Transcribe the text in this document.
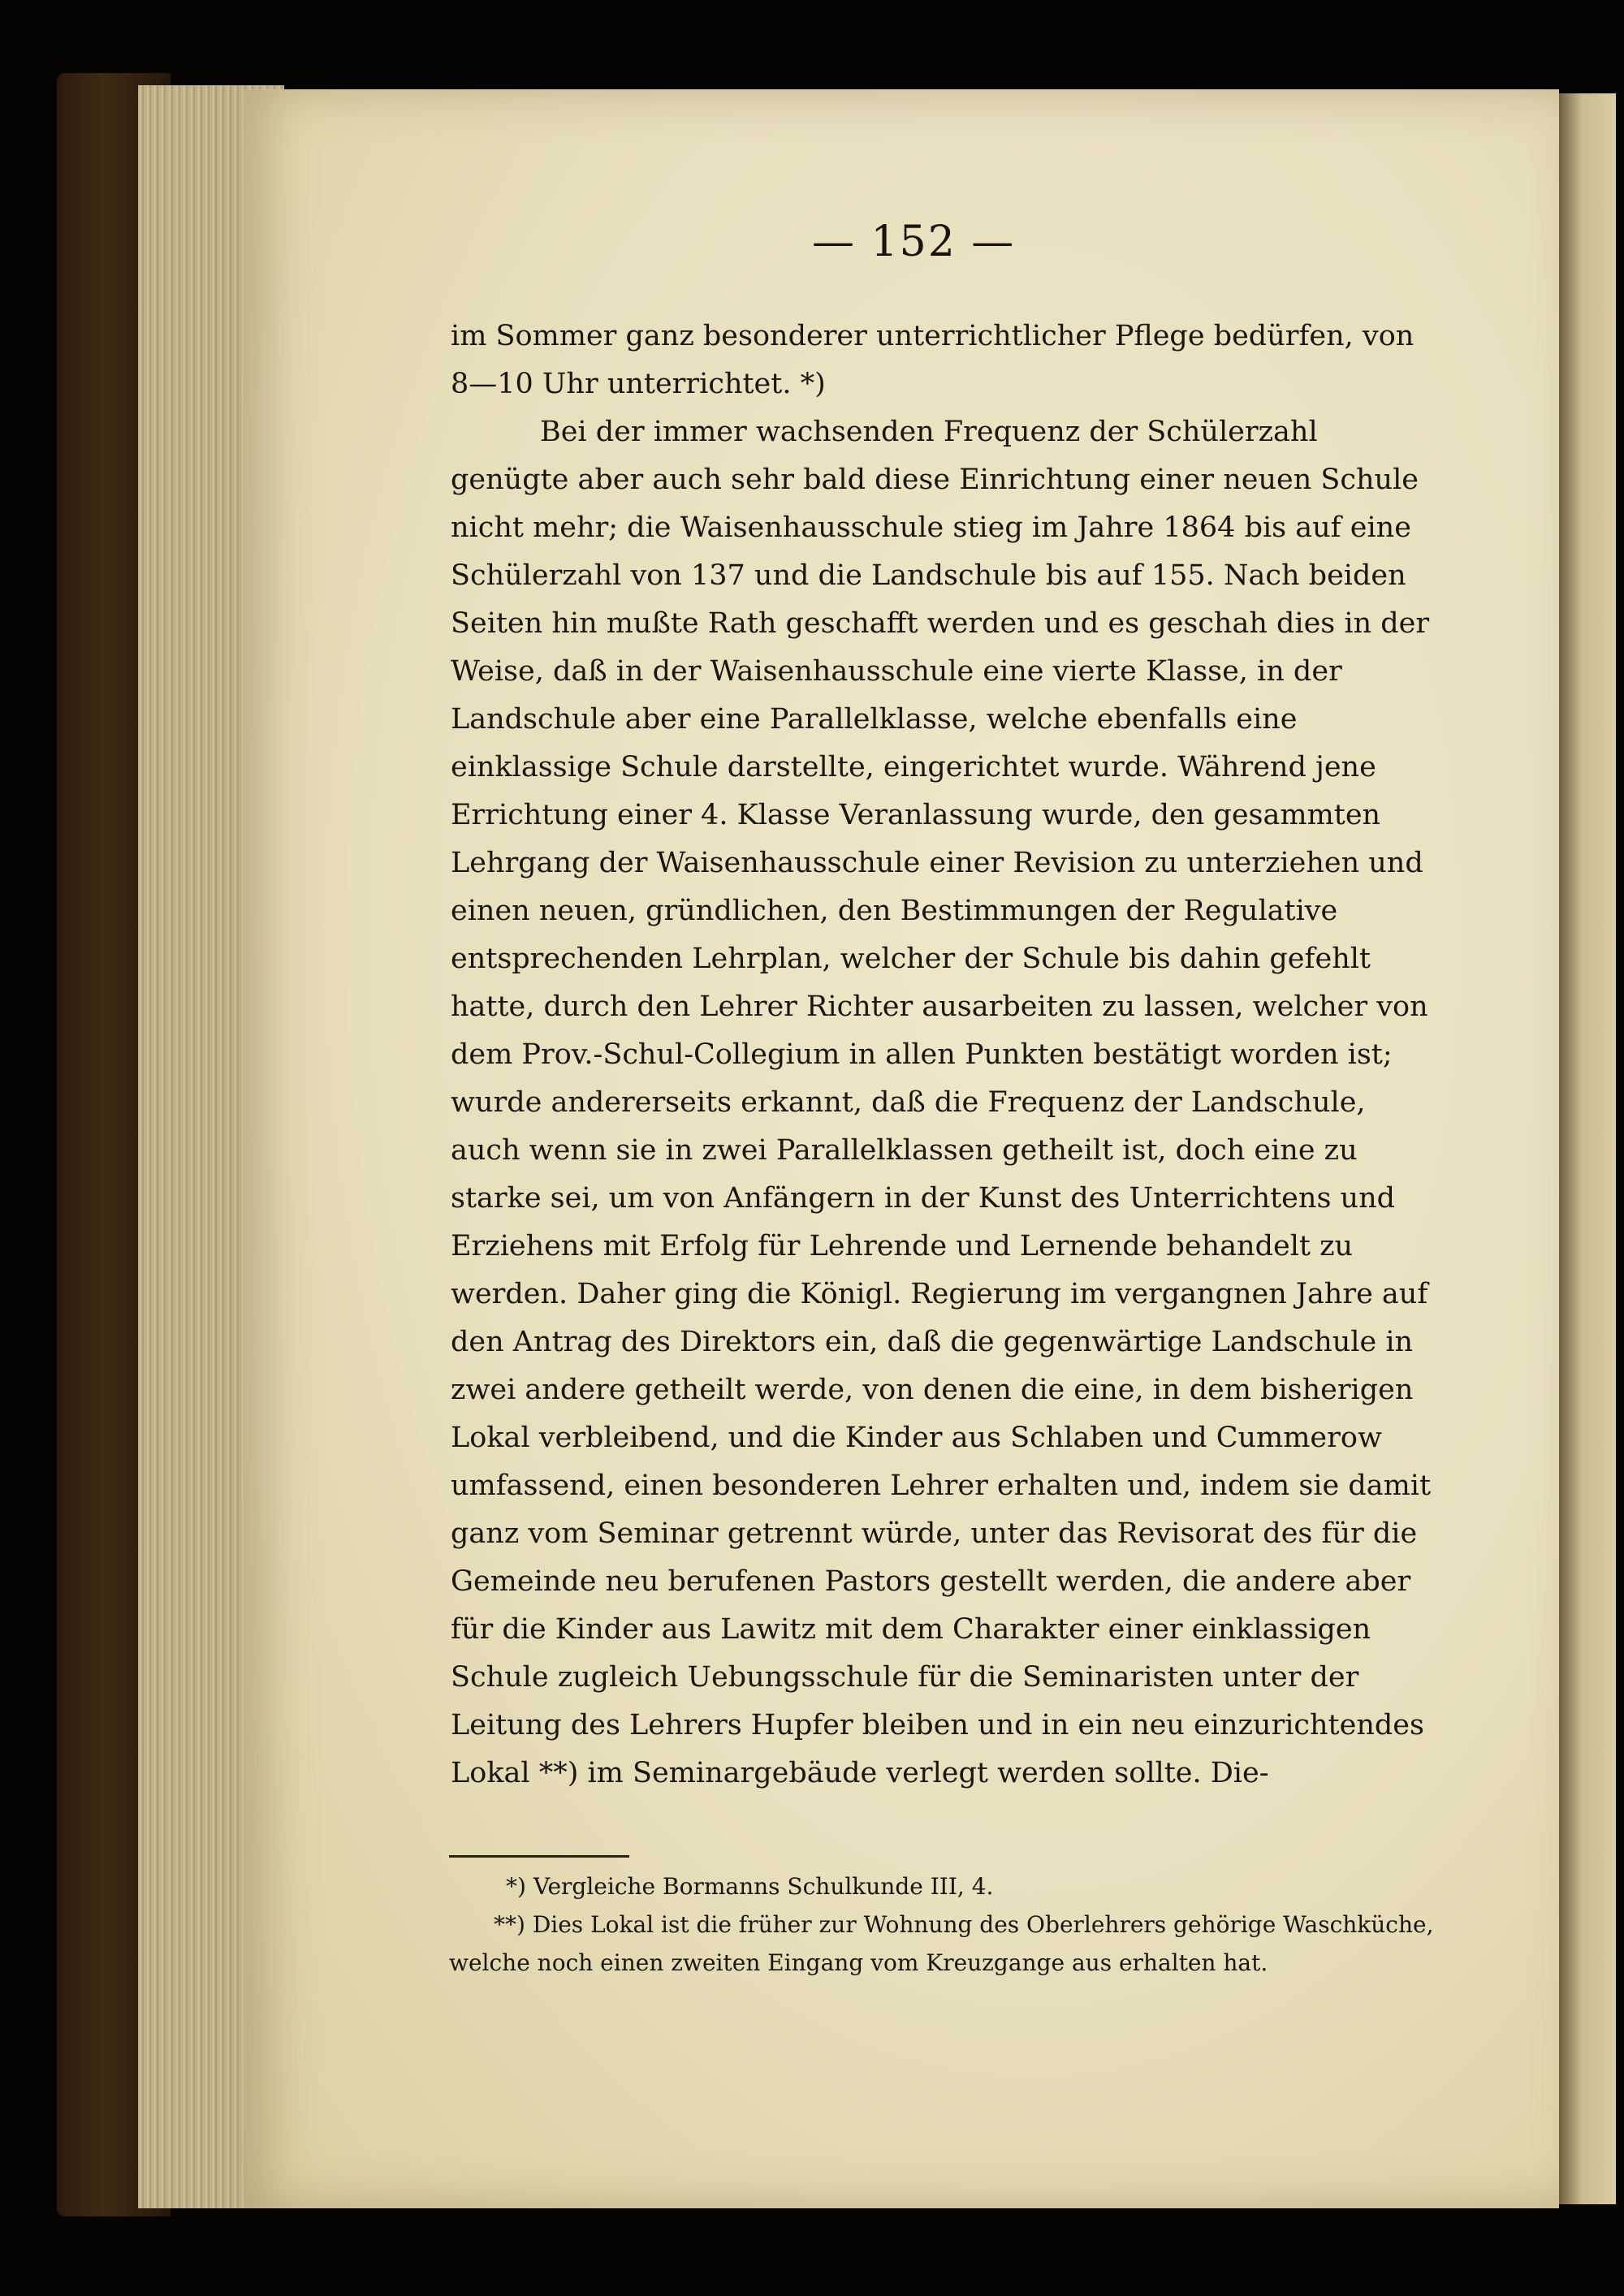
— 152 —

im Sommer ganz besonderer unterrichtlicher Pflege bedürfen, von 8—10 Uhr unterrichtet. *)

Bei der immer wachsenden Frequenz der Schülerzahl genügte aber auch sehr bald diese Einrichtung einer neuen Schule nicht mehr; die Waisenhausschule stieg im Jahre 1864 bis auf eine Schülerzahl von 137 und die Landschule bis auf 155. Nach beiden Seiten hin mußte Rath geschafft werden und es geschah dies in der Weise, daß in der Waisenhausschule eine vierte Klasse, in der Landschule aber eine Parallelklasse, welche ebenfalls eine einklassige Schule darstellte, eingerichtet wurde. Während jene Errichtung einer 4. Klasse Veranlassung wurde, den gesammten Lehrgang der Waisenhausschule einer Revision zu unterziehen und einen neuen, gründlichen, den Bestimmungen der Regulative entsprechenden Lehrplan, welcher der Schule bis dahin gefehlt hatte, durch den Lehrer Richter ausarbeiten zu lassen, welcher von dem Prov.-Schul-Collegium in allen Punkten bestätigt worden ist; wurde andererseits erkannt, daß die Frequenz der Landschule, auch wenn sie in zwei Parallelklassen getheilt ist, doch eine zu starke sei, um von Anfängern in der Kunst des Unterrichtens und Erziehens mit Erfolg für Lehrende und Lernende behandelt zu werden. Daher ging die Königl. Regierung im vergangnen Jahre auf den Antrag des Direktors ein, daß die gegenwärtige Landschule in zwei andere getheilt werde, von denen die eine, in dem bisherigen Lokal verbleibend, und die Kinder aus Schlaben und Cummerow umfassend, einen besonderen Lehrer erhalten und, indem sie damit ganz vom Seminar getrennt würde, unter das Revisorat des für die Gemeinde neu berufenen Pastors gestellt werden, die andere aber für die Kinder aus Lawitz mit dem Charakter einer einklassigen Schule zugleich Uebungsschule für die Seminaristen unter der Leitung des Lehrers Hupfer bleiben und in ein neu einzurichtendes Lokal **) im Seminargebäude verlegt werden sollte. Die-

*) Vergleiche Bormanns Schulkunde III, 4.

**) Dies Lokal ist die früher zur Wohnung des Oberlehrers gehörige Waschküche, welche noch einen zweiten Eingang vom Kreuzgange aus erhalten hat.
